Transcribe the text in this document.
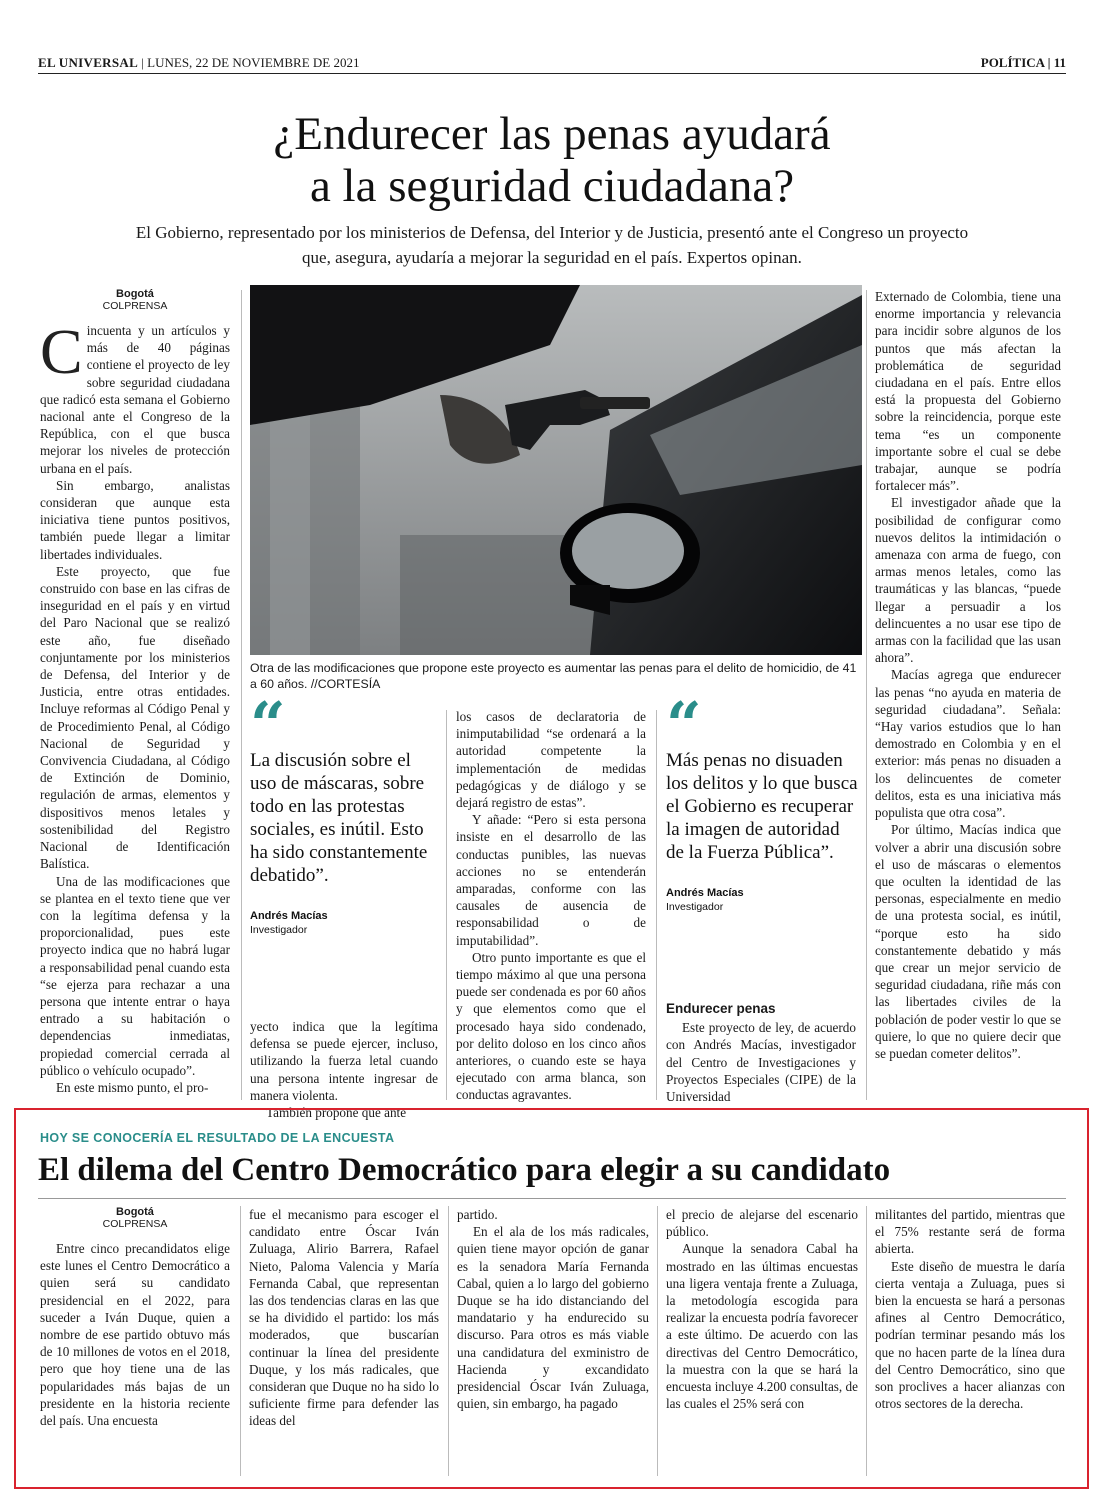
EL UNIVERSAL | LUNES, 22 DE NOVIEMBRE DE 2021	POLÍTICA | 11
¿Endurecer las penas ayudará
a la seguridad ciudadana?
El Gobierno, representado por los ministerios de Defensa, del Interior y de Justicia, presentó ante el Congreso un proyecto que, asegura, ayudaría a mejorar la seguridad en el país. Expertos opinan.
Bogotá
COLPRENSA

Cincuenta y un artículos y más de 40 páginas contiene el proyecto de ley sobre seguridad ciudadana que radicó esta semana el Gobierno nacional ante el Congreso de la República, con el que busca mejorar los niveles de protección urbana en el país.

Sin embargo, analistas consideran que aunque esta iniciativa tiene puntos positivos, también puede llegar a limitar libertades individuales.

Este proyecto, que fue construido con base en las cifras de inseguridad en el país y en virtud del Paro Nacional que se realizó este año, fue diseñado conjuntamente por los ministerios de Defensa, del Interior y de Justicia, entre otras entidades. Incluye reformas al Código Penal y de Procedimiento Penal, al Código Nacional de Seguridad y Convivencia Ciudadana, al Código de Extinción de Dominio, regulación de armas, elementos y dispositivos menos letales y sostenibilidad del Registro Nacional de Identificación Balística.

Una de las modificaciones que se plantea en el texto tiene que ver con la legítima defensa y la proporcionalidad, pues este proyecto indica que no habrá lugar a responsabilidad penal cuando esta “se ejerza para rechazar a una persona que intente entrar o haya entrado a su habitación o dependencias inmediatas, propiedad comercial cerrada al público o vehículo ocupado”.

En este mismo punto, el pro-

Otra de las modificaciones que propone este proyecto es aumentar las penas para el delito de homicidio, de 41 a 60 años. //CORTESÍA
“
La discusión sobre el uso de máscaras, sobre todo en las protestas sociales, es inútil. Esto ha sido constantemente debatido”.
Andrés Macías
Investigador

yecto indica que la legítima defensa se puede ejercer, incluso, utilizando la fuerza letal cuando una persona intente ingresar de manera violenta.

También propone que ante

los casos de declaratoria de inimputabilidad “se ordenará a la autoridad competente la implementación de medidas pedagógicas y de diálogo y se dejará registro de estas”.

Y añade: “Pero si esta persona insiste en el desarrollo de las conductas punibles, las nuevas acciones no se entenderán amparadas, conforme con las causales de ausencia de responsabilidad o de imputabilidad”.

Otro punto importante es que el tiempo máximo al que una persona puede ser condenada es por 60 años y que elementos como que el procesado haya sido condenado, por delito doloso en los cinco años anteriores, o cuando este se haya ejecutado con arma blanca, son conductas agravantes.

“
Más penas no disuaden los delitos y lo que busca el Gobierno es recuperar la imagen de autoridad de la Fuerza Pública”.
Andrés Macías
Investigador

Endurecer penas

Este proyecto de ley, de acuerdo con Andrés Macías, investigador del Centro de Investigaciones y Proyectos Especiales (CIPE) de la Universidad

Externado de Colombia, tiene una enorme importancia y relevancia para incidir sobre algunos de los puntos que más afectan la problemática de seguridad ciudadana en el país. Entre ellos está la propuesta del Gobierno sobre la reincidencia, porque este tema “es un componente importante sobre el cual se debe trabajar, aunque se podría fortalecer más”.

El investigador añade que la posibilidad de configurar como nuevos delitos la intimidación o amenaza con arma de fuego, con armas menos letales, como las traumáticas y las blancas, “puede llegar a persuadir a los delincuentes a no usar ese tipo de armas con la facilidad que las usan ahora”.

Macías agrega que endurecer las penas “no ayuda en materia de seguridad ciudadana”. Señala: “Hay varios estudios que lo han demostrado en Colombia y en el exterior: más penas no disuaden a los delincuentes de cometer delitos, esta es una iniciativa más populista que otra cosa”.

Por último, Macías indica que volver a abrir una discusión sobre el uso de máscaras o elementos que oculten la identidad de las personas, especialmente en medio de una protesta social, es inútil, “porque esto ha sido constantemente debatido y más que crear un mejor servicio de seguridad ciudadana, riñe más con las libertades civiles de la población de poder vestir lo que se quiere, lo que no quiere decir que se puedan cometer delitos”.

HOY SE CONOCERÍA EL RESULTADO DE LA ENCUESTA
El dilema del Centro Democrático para elegir a su candidato
Bogotá
COLPRENSA

Entre cinco precandidatos elige este lunes el Centro Democrático a quien será su candidato presidencial en el 2022, para suceder a Iván Duque, quien a nombre de ese partido obtuvo más de 10 millones de votos en el 2018, pero que hoy tiene una de las popularidades más bajas de un presidente en la historia reciente del país. Una encuesta

fue el mecanismo para escoger el candidato entre Óscar Iván Zuluaga, Alirio Barrera, Rafael Nieto, Paloma Valencia y María Fernanda Cabal, que representan las dos tendencias claras en las que se ha dividido el partido: los más moderados, que buscarían continuar la línea del presidente Duque, y los más radicales, que consideran que Duque no ha sido lo suficiente firme para defender las ideas del

partido.

En el ala de los más radicales, quien tiene mayor opción de ganar es la senadora María Fernanda Cabal, quien a lo largo del gobierno Duque se ha ido distanciando del mandatario y ha endurecido su discurso. Para otros es más viable una candidatura del exministro de Hacienda y excandidato presidencial Óscar Iván Zuluaga, quien, sin embargo, ha pagado

el precio de alejarse del escenario público.

Aunque la senadora Cabal ha mostrado en las últimas encuestas una ligera ventaja frente a Zuluaga, la metodología escogida para realizar la encuesta podría favorecer a este último. De acuerdo con las directivas del Centro Democrático, la muestra con la que se hará la encuesta incluye 4.200 consultas, de las cuales el 25% será con

militantes del partido, mientras que el 75% restante será de forma abierta.

Este diseño de muestra le daría cierta ventaja a Zuluaga, pues si bien la encuesta se hará a personas afines al Centro Democrático, podrían terminar pesando más los que no hacen parte de la línea dura del Centro Democrático, sino que son proclives a hacer alianzas con otros sectores de la derecha.
